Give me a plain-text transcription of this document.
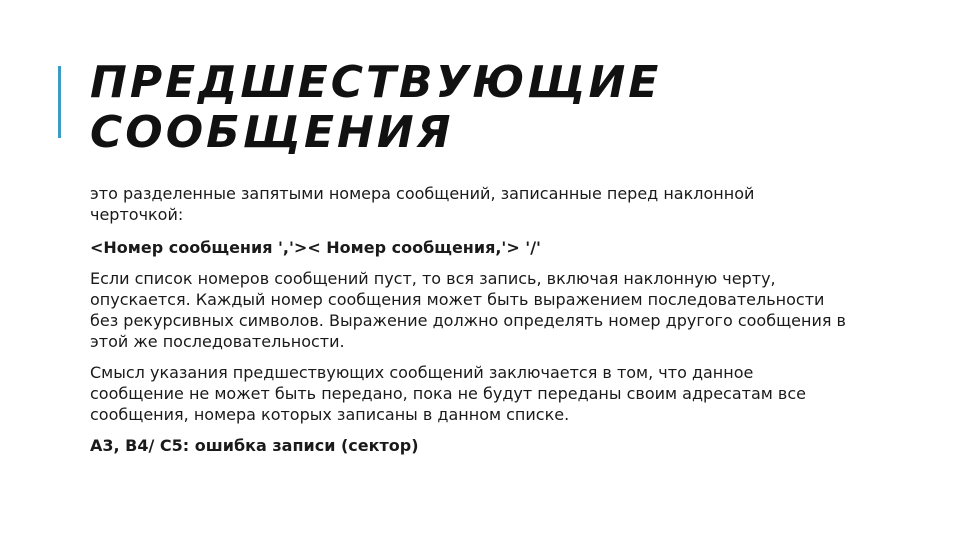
ПРЕДШЕСТВУЮЩИЕ
СООБЩЕНИЯ

это разделенные запятыми номера сообщений, записанные перед наклонной черточкой:

<Номер сообщения ','>< Номер сообщения,'> '/'

Если список номеров сообщений пуст, то вся запись, включая наклонную черту, опускается. Каждый номер сообщения может быть выражением последовательности без рекурсивных символов. Выражение должно определять номер другого сообщения в этой же последовательности.

Смысл указания предшествующих сообщений заключается в том, что данное сообщение не может быть передано, пока не будут переданы своим адресатам все сообщения, номера которых записаны в данном списке.

А3, В4/ С5: ошибка записи (сектор)
